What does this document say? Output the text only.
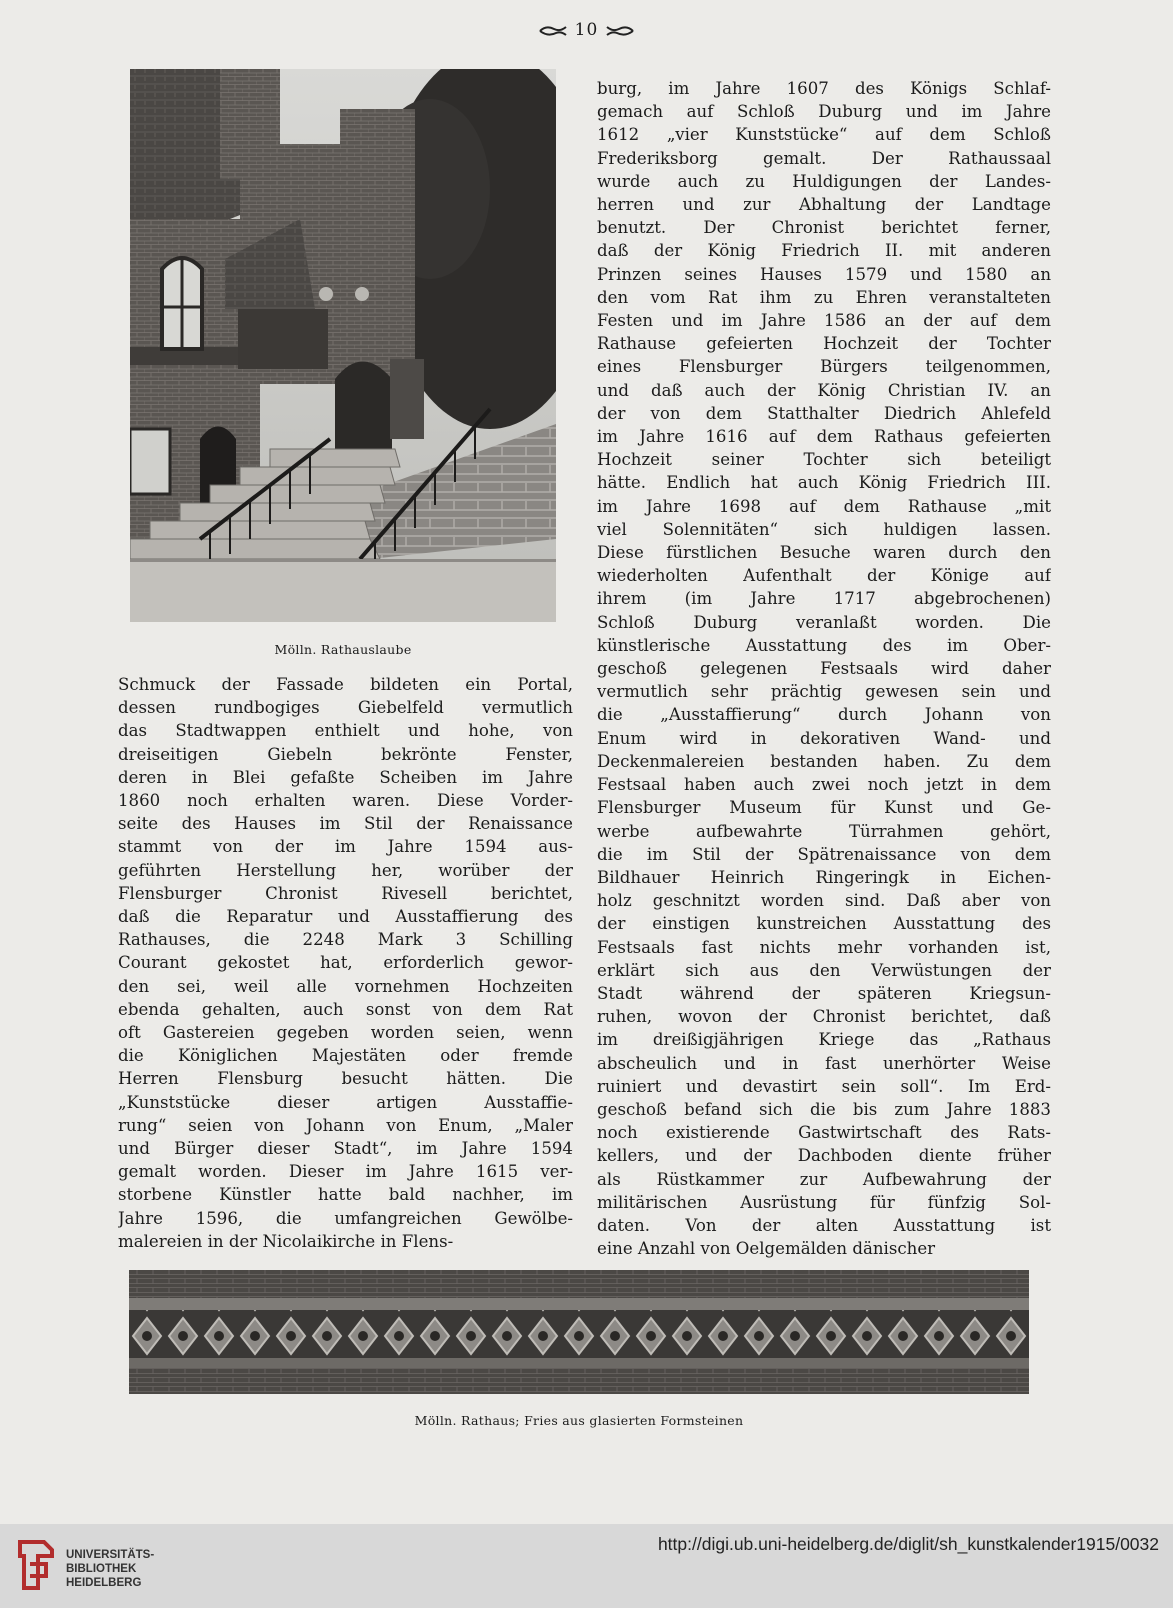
10
Mölln. Rathauslaube
Schmuck der Fassade bildeten ein Portal,
dessen rundbogiges Giebelfeld vermutlich
das Stadtwappen enthielt und hohe, von
dreiseitigen Giebeln bekrönte Fenster,
deren in Blei gefaßte Scheiben im Jahre
1860 noch erhalten waren. Diese Vorder-
seite des Hauses im Stil der Renaissance
stammt von der im Jahre 1594 aus-
geführten Herstellung her, worüber der
Flensburger Chronist Rivesell berichtet,
daß die Reparatur und Ausstaffierung des
Rathauses, die 2248 Mark 3 Schilling
Courant gekostet hat, erforderlich gewor-
den sei, weil alle vornehmen Hochzeiten
ebenda gehalten, auch sonst von dem Rat
oft Gastereien gegeben worden seien, wenn
die Königlichen Majestäten oder fremde
Herren Flensburg besucht hätten. Die
„Kunststücke dieser artigen Ausstaffie-
rung“ seien von Johann von Enum, „Maler
und Bürger dieser Stadt“, im Jahre 1594
gemalt worden. Dieser im Jahre 1615 ver-
storbene Künstler hatte bald nachher, im
Jahre 1596, die umfangreichen Gewölbe-
malereien in der Nicolaikirche in Flens-
burg, im Jahre 1607 des Königs Schlaf-
gemach auf Schloß Duburg und im Jahre
1612 „vier Kunststücke“ auf dem Schloß
Frederiksborg gemalt. Der Rathaussaal
wurde auch zu Huldigungen der Landes-
herren und zur Abhaltung der Landtage
benutzt. Der Chronist berichtet ferner,
daß der König Friedrich II. mit anderen
Prinzen seines Hauses 1579 und 1580 an
den vom Rat ihm zu Ehren veranstalteten
Festen und im Jahre 1586 an der auf dem
Rathause gefeierten Hochzeit der Tochter
eines Flensburger Bürgers teilgenommen,
und daß auch der König Christian IV. an
der von dem Statthalter Diedrich Ahlefeld
im Jahre 1616 auf dem Rathaus gefeierten
Hochzeit seiner Tochter sich beteiligt
hätte. Endlich hat auch König Friedrich III.
im Jahre 1698 auf dem Rathause „mit
viel Solennitäten“ sich huldigen lassen.
Diese fürstlichen Besuche waren durch den
wiederholten Aufenthalt der Könige auf
ihrem (im Jahre 1717 abgebrochenen)
Schloß Duburg veranlaßt worden. Die
künstlerische Ausstattung des im Ober-
geschoß gelegenen Festsaals wird daher
vermutlich sehr prächtig gewesen sein und
die „Ausstaffierung“ durch Johann von
Enum wird in dekorativen Wand- und
Deckenmalereien bestanden haben. Zu dem
Festsaal haben auch zwei noch jetzt in dem
Flensburger Museum für Kunst und Ge-
werbe aufbewahrte Türrahmen gehört,
die im Stil der Spätrenaissance von dem
Bildhauer Heinrich Ringeringk in Eichen-
holz geschnitzt worden sind. Daß aber von
der einstigen kunstreichen Ausstattung des
Festsaals fast nichts mehr vorhanden ist,
erklärt sich aus den Verwüstungen der
Stadt während der späteren Kriegsun-
ruhen, wovon der Chronist berichtet, daß
im dreißigjährigen Kriege das „Rathaus
abscheulich und in fast unerhörter Weise
ruiniert und devastirt sein soll“. Im Erd-
geschoß befand sich die bis zum Jahre 1883
noch existierende Gastwirtschaft des Rats-
kellers, und der Dachboden diente früher
als Rüstkammer zur Aufbewahrung der
militärischen Ausrüstung für fünfzig Sol-
daten. Von der alten Ausstattung ist
eine Anzahl von Oelgemälden dänischer
Mölln. Rathaus; Fries aus glasierten Formsteinen
UNIVERSITÄTS-
BIBLIOTHEK
HEIDELBERG
http://digi.ub.uni-heidelberg.de/diglit/sh_kunstkalender1915/0032
